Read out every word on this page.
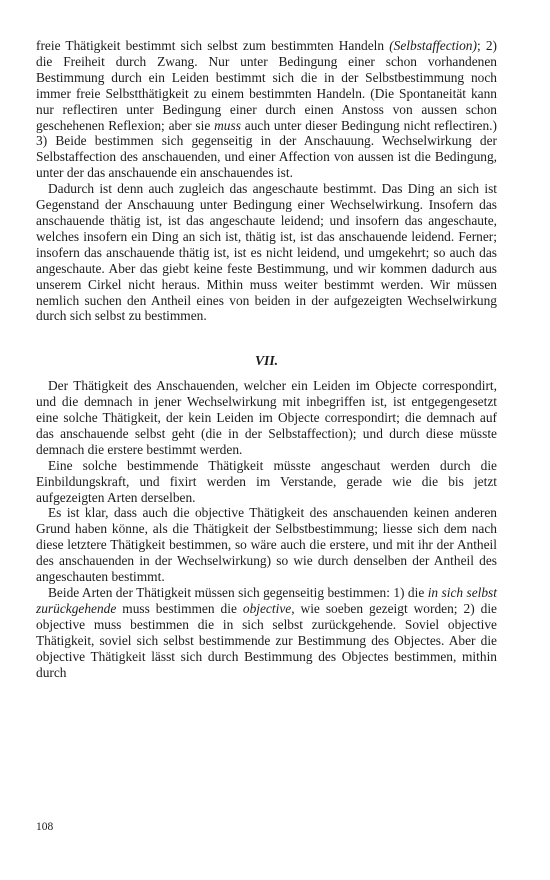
freie Thätigkeit bestimmt sich selbst zum bestimmten Handeln (Selbstaffection); 2) die Freiheit durch Zwang. Nur unter Bedingung einer schon vorhandenen Bestimmung durch ein Leiden bestimmt sich die in der Selbstbestimmung noch immer freie Selbstthätigkeit zu einem bestimmten Handeln. (Die Spontaneität kann nur reflectiren unter Bedingung einer durch einen Anstoss von aussen schon geschehenen Reflexion; aber sie muss auch unter dieser Bedingung nicht reflectiren.) 3) Beide bestimmen sich gegenseitig in der Anschauung. Wechselwirkung der Selbstaffection des anschauenden, und einer Affection von aussen ist die Bedingung, unter der das anschauende ein anschauendes ist.

Dadurch ist denn auch zugleich das angeschaute bestimmt. Das Ding an sich ist Gegenstand der Anschauung unter Bedingung einer Wechselwirkung. Insofern das anschauende thätig ist, ist das angeschaute leidend; und insofern das angeschaute, welches insofern ein Ding an sich ist, thätig ist, ist das anschauende leidend. Ferner; insofern das anschauende thätig ist, ist es nicht leidend, und umgekehrt; so auch das angeschaute. Aber das giebt keine feste Bestimmung, und wir kommen dadurch aus unserem Cirkel nicht heraus. Mithin muss weiter bestimmt werden. Wir müssen nemlich suchen den Antheil eines von beiden in der aufgezeigten Wechselwirkung durch sich selbst zu bestimmen.

VII.

Der Thätigkeit des Anschauenden, welcher ein Leiden im Objecte correspondirt, und die demnach in jener Wechselwirkung mit inbegriffen ist, ist entgegengesetzt eine solche Thätigkeit, der kein Leiden im Objecte correspondirt; die demnach auf das anschauende selbst geht (die in der Selbstaffection); und durch diese müsste demnach die erstere bestimmt werden.

Eine solche bestimmende Thätigkeit müsste angeschaut werden durch die Einbildungskraft, und fixirt werden im Verstande, gerade wie die bis jetzt aufgezeigten Arten derselben.

Es ist klar, dass auch die objective Thätigkeit des anschauenden keinen anderen Grund haben könne, als die Thätigkeit der Selbstbestimmung; liesse sich dem nach diese letztere Thätigkeit bestimmen, so wäre auch die erstere, und mit ihr der Antheil des anschauenden in der Wechselwirkung) so wie durch denselben der Antheil des angeschauten bestimmt.

Beide Arten der Thätigkeit müssen sich gegenseitig bestimmen: 1) die in sich selbst zurückgehende muss bestimmen die objective, wie soeben gezeigt worden; 2) die objective muss bestimmen die in sich selbst zurückgehende. Soviel objective Thätigkeit, soviel sich selbst bestimmende zur Bestimmung des Objectes. Aber die objective Thätigkeit lässt sich durch Bestimmung des Objectes bestimmen, mithin durch

108
